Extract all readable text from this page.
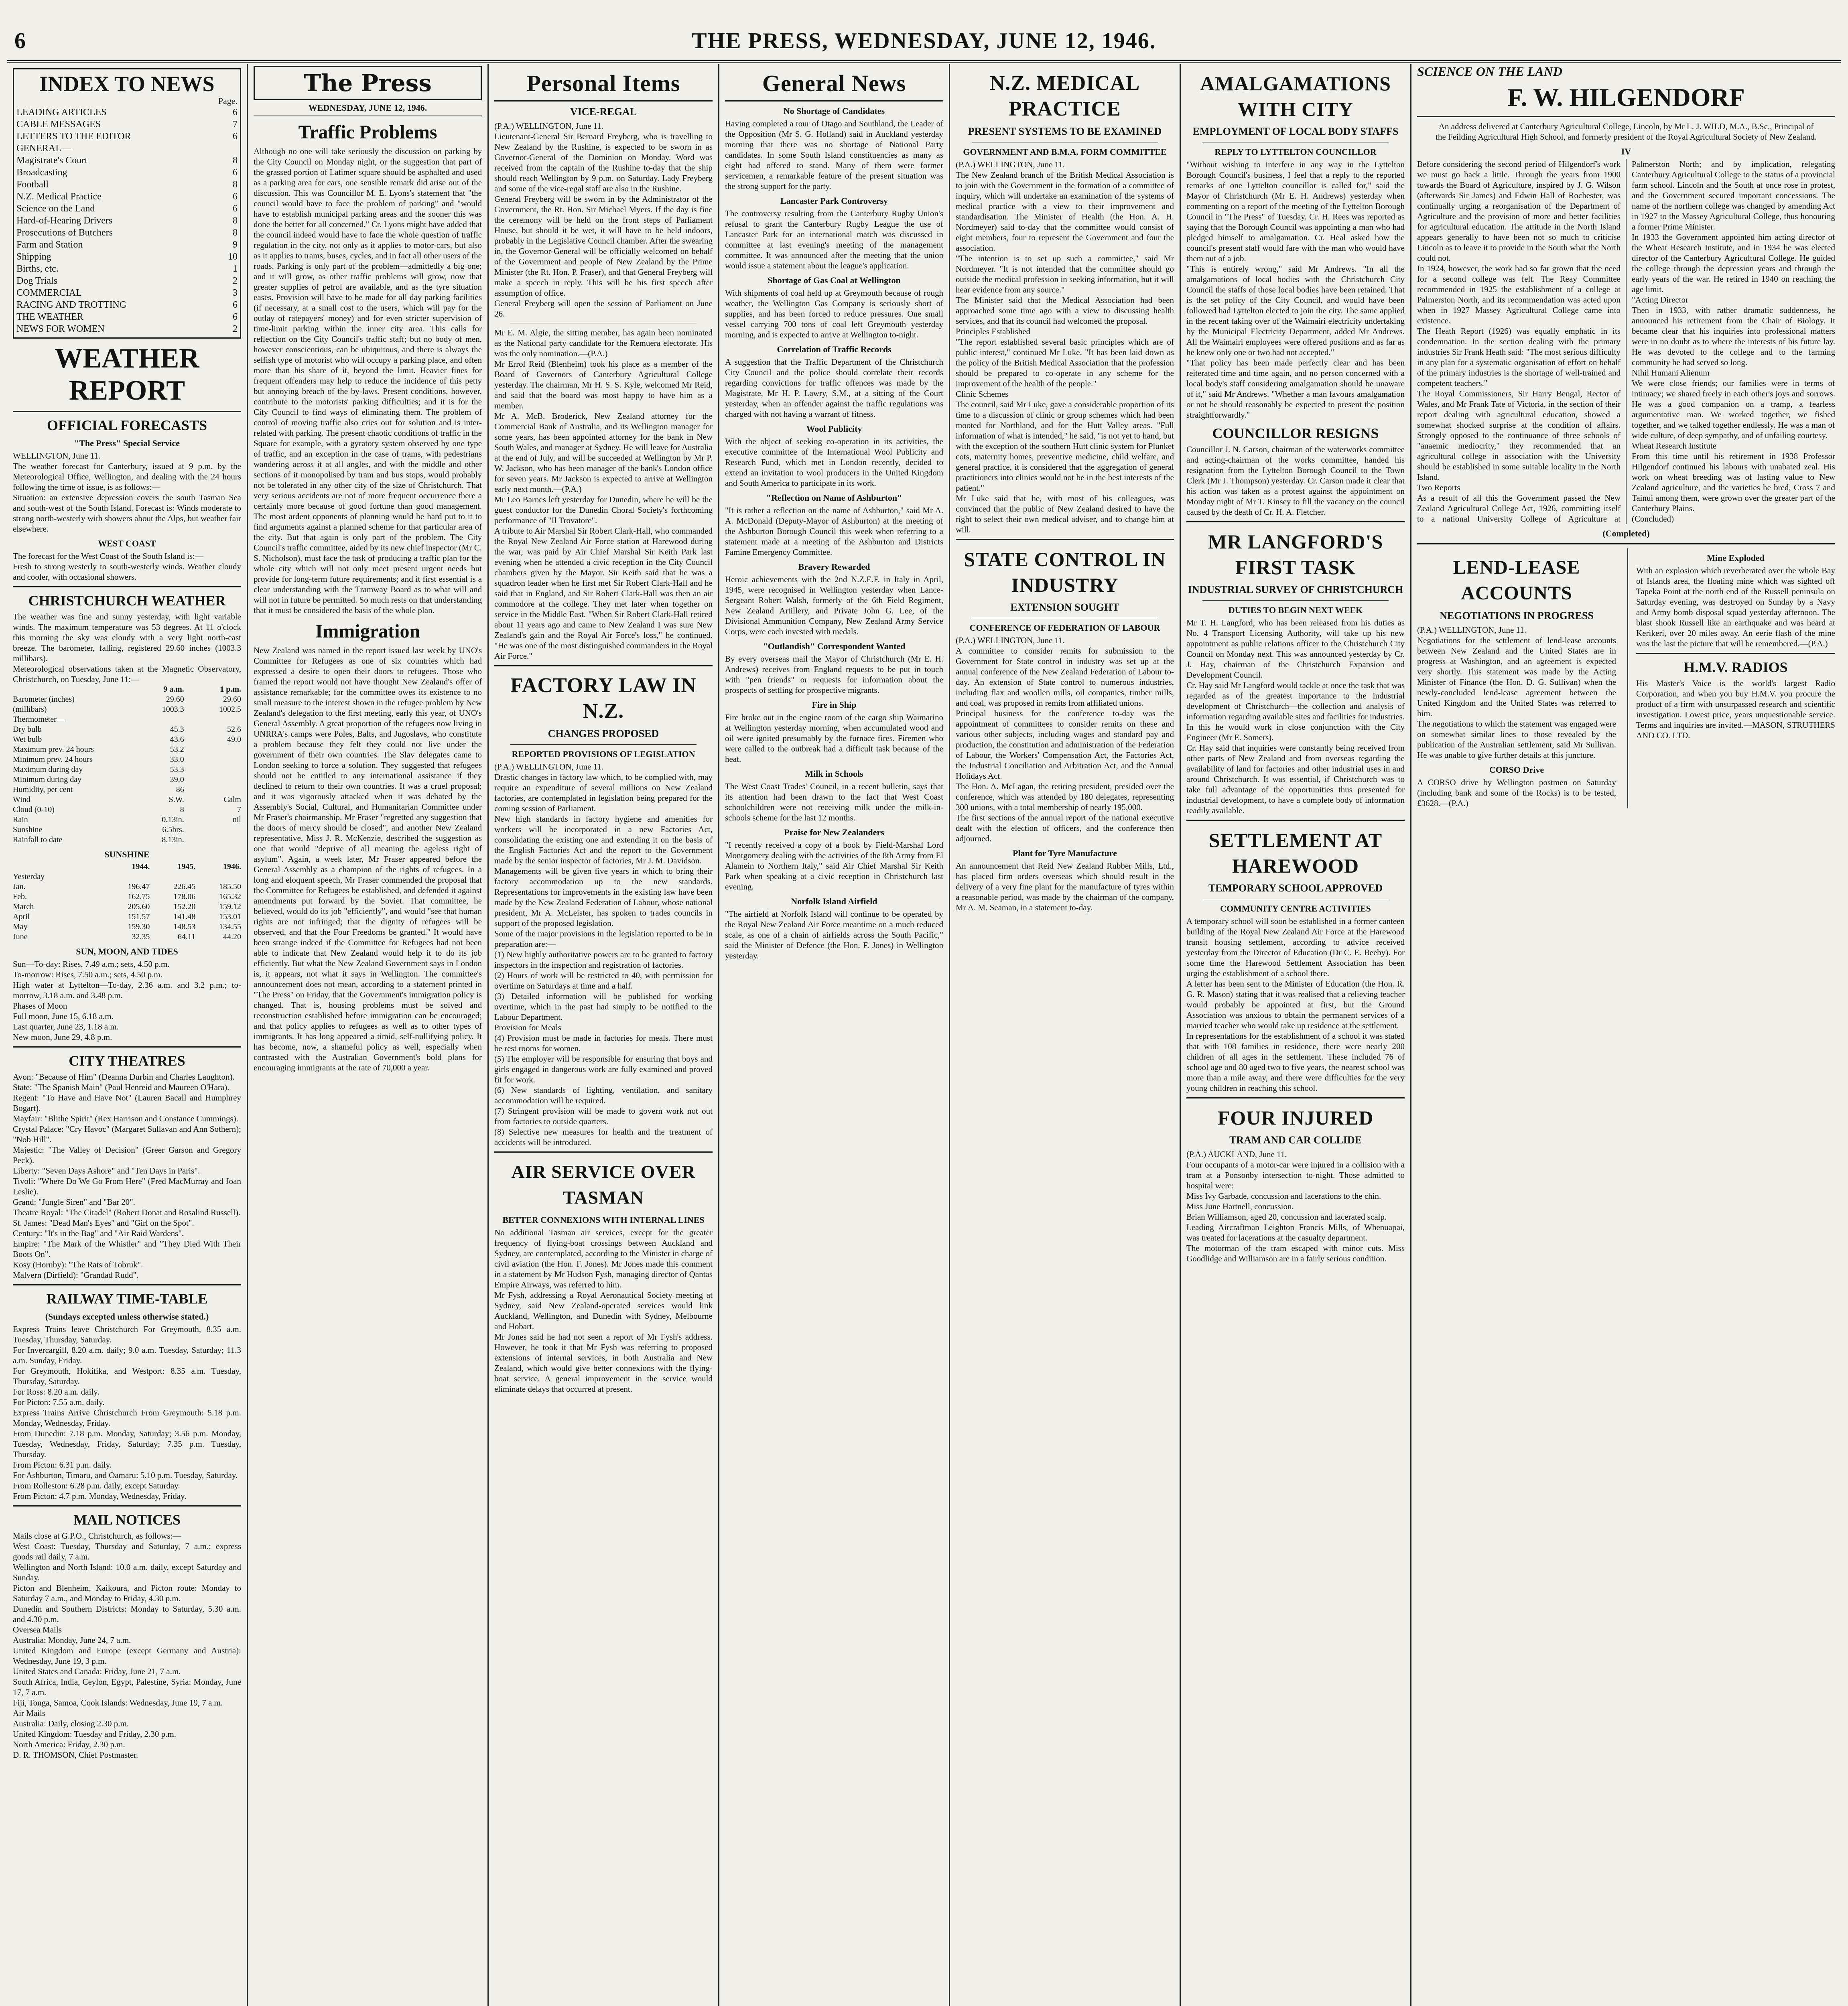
6	THE PRESS, WEDNESDAY, JUNE 12, 1946.
INDEX TO NEWS
Page.
LEADING ARTICLES	6
CABLE MESSAGES	7
LETTERS TO THE EDITOR	6
GENERAL—
Magistrate's Court	8
Broadcasting	6
Football	8
N.Z. Medical Practice	6
Science on the Land	6
Hard-of-Hearing Drivers	8
Prosecutions of Butchers	8
Farm and Station	9
Shipping	10
Births, etc.	1
Dog Trials	2
COMMERCIAL	3
RACING AND TROTTING	6
THE WEATHER	6
NEWS FOR WOMEN	2
WEATHER REPORT
OFFICIAL FORECASTS
"The Press" Special Service
WELLINGTON, June 11.
The weather forecast for Canterbury, issued at 9 p.m. by the Meteorological Office, Wellington, and dealing with the 24 hours following the time of issue, is as follows:—
Situation: an extensive depression covers the south Tasman Sea and south-west of the South Island. Forecast is: Winds moderate to strong north-westerly with showers about the Alps, but weather fair elsewhere.
WEST COAST
The forecast for the West Coast of the South Island is:—
Fresh to strong westerly to south-westerly winds. Weather cloudy and cooler, with occasional showers.
CHRISTCHURCH WEATHER
The weather was fine and sunny yesterday, with light variable winds. The maximum temperature was 53 degrees. At 11 o'clock this morning the sky was cloudy with a very light north-east breeze. The barometer, falling, registered 29.60 inches (1003.3 millibars).
Meteorological observations taken at the Magnetic Observatory, Christchurch, on Tuesday, June 11:—
9 a.m.	1 p.m.
Barometer (inches)	29.60	29.60
(millibars)	1003.3	1002.5
Thermometer—
Dry bulb	45.3	52.6
Wet bulb	43.6	49.0
Maximum prev. 24 hours	53.2
Minimum prev. 24 hours	33.0
Maximum during day	53.3
Minimum during day	39.0
Humidity, per cent	86
Wind	S.W.	Calm
Cloud (0-10)	8	7
Rain	0.13in.	nil
Sunshine	6.5hrs.
Rainfall to date	8.13in.
SUNSHINE
1944.	1945.	1946.
Yesterday
Jan.	196.47	226.45	185.50
Feb.	162.75	178.06	165.32
March	205.60	152.20	159.12
April	151.57	141.48	153.01
May	159.30	148.53	134.55
June	32.35	64.11	44.20
SUN, MOON, AND TIDES
Sun—To-day: Rises, 7.49 a.m.; sets, 4.50 p.m.
To-morrow: Rises, 7.50 a.m.; sets, 4.50 p.m.
High water at Lyttelton—To-day, 2.36 a.m. and 3.2 p.m.; to-morrow, 3.18 a.m. and 3.48 p.m.
Phases of Moon
Full moon, June 15, 6.18 a.m.
Last quarter, June 23, 1.18 a.m.
New moon, June 29, 4.8 p.m.
CITY THEATRES
Avon: "Because of Him" (Deanna Durbin and Charles Laughton).
State: "The Spanish Main" (Paul Henreid and Maureen O'Hara).
Regent: "To Have and Have Not" (Lauren Bacall and Humphrey Bogart).
Mayfair: "Blithe Spirit" (Rex Harrison and Constance Cummings).
Crystal Palace: "Cry Havoc" (Margaret Sullavan and Ann Sothern); "Nob Hill".
Majestic: "The Valley of Decision" (Greer Garson and Gregory Peck).
Liberty: "Seven Days Ashore" and "Ten Days in Paris".
Tivoli: "Where Do We Go From Here" (Fred MacMurray and Joan Leslie).
Grand: "Jungle Siren" and "Bar 20".
Theatre Royal: "The Citadel" (Robert Donat and Rosalind Russell).
St. James: "Dead Man's Eyes" and "Girl on the Spot".
Century: "It's in the Bag" and "Air Raid Wardens".
Empire: "The Mark of the Whistler" and "They Died With Their Boots On".
Kosy (Hornby): "The Rats of Tobruk".
Malvern (Dirfield): "Grandad Rudd".
RAILWAY TIME-TABLE
(Sundays excepted unless otherwise stated.)
Express Trains leave Christchurch For Greymouth, 8.35 a.m. Tuesday, Thursday, Saturday.
For Invercargill, 8.20 a.m. daily; 9.0 a.m. Tuesday, Saturday; 11.3 a.m. Sunday, Friday.
For Greymouth, Hokitika, and Westport: 8.35 a.m. Tuesday, Thursday, Saturday.
For Ross: 8.20 a.m. daily.
For Picton: 7.55 a.m. daily.
Express Trains Arrive Christchurch From Greymouth: 5.18 p.m. Monday, Wednesday, Friday.
From Dunedin: 7.18 p.m. Monday, Saturday; 3.56 p.m. Monday, Tuesday, Wednesday, Friday, Saturday; 7.35 p.m. Tuesday, Thursday.
From Picton: 6.31 p.m. daily.
For Ashburton, Timaru, and Oamaru: 5.10 p.m. Tuesday, Saturday.
From Rolleston: 6.28 p.m. daily, except Saturday.
From Picton: 4.7 p.m. Monday, Wednesday, Friday.
MAIL NOTICES
Mails close at G.P.O., Christchurch, as follows:—
West Coast: Tuesday, Thursday and Saturday, 7 a.m.; express goods rail daily, 7 a.m.
Wellington and North Island: 10.0 a.m. daily, except Saturday and Sunday.
Picton and Blenheim, Kaikoura, and Picton route: Monday to Saturday 7 a.m., and Monday to Friday, 4.30 p.m.
Dunedin and Southern Districts: Monday to Saturday, 5.30 a.m. and 4.30 p.m.
Oversea Mails
Australia: Monday, June 24, 7 a.m.
United Kingdom and Europe (except Germany and Austria): Wednesday, June 19, 3 p.m.
United States and Canada: Friday, June 21, 7 a.m.
South Africa, India, Ceylon, Egypt, Palestine, Syria: Monday, June 17, 7 a.m.
Fiji, Tonga, Samoa, Cook Islands: Wednesday, June 19, 7 a.m.
Air Mails
Australia: Daily, closing 2.30 p.m.
United Kingdom: Tuesday and Friday, 2.30 p.m.
North America: Friday, 2.30 p.m.
D. R. THOMSON, Chief Postmaster.
The Press
WEDNESDAY, JUNE 12, 1946.
Traffic Problems
Although no one will take seriously the discussion on parking by the City Council on Monday night, or the suggestion that part of the grassed portion of Latimer square should be asphalted and used as a parking area for cars, one sensible remark did arise out of the discussion. This was Councillor M. E. Lyons's statement that "the council would have to face the problem of parking" and "would have to establish municipal parking areas and the sooner this was done the better for all concerned." Cr. Lyons might have added that the council indeed would have to face the whole question of traffic regulation in the city, not only as it applies to motor-cars, but also as it applies to trams, buses, cycles, and in fact all other users of the roads. Parking is only part of the problem—admittedly a big one; and it will grow, as other traffic problems will grow, now that greater supplies of petrol are available, and as the tyre situation eases. Provision will have to be made for all day parking facilities (if necessary, at a small cost to the users, which will pay for the outlay of ratepayers' money) and for even stricter supervision of time-limit parking within the inner city area. This calls for reflection on the City Council's traffic staff; but no body of men, however conscientious, can be ubiquitous, and there is always the selfish type of motorist who will occupy a parking place, and often more than his share of it, beyond the limit. Heavier fines for frequent offenders may help to reduce the incidence of this petty but annoying breach of the by-laws. Present conditions, however, contribute to the motorists' parking difficulties; and it is for the City Council to find ways of eliminating them. The problem of control of moving traffic also cries out for solution and is inter-related with parking. The present chaotic conditions of traffic in the Square for example, with a gyratory system observed by one type of traffic, and an exception in the case of trams, with pedestrians wandering across it at all angles, and with the middle and other sections of it monopolised by tram and bus stops, would probably not be tolerated in any other city of the size of Christchurch. That very serious accidents are not of more frequent occurrence there a certainly more because of good fortune than good management. The most ardent opponents of planning would be hard put to it to find arguments against a planned scheme for that particular area of the city. But that again is only part of the problem. The City Council's traffic committee, aided by its new chief inspector (Mr C. S. Nicholson), must face the task of producing a traffic plan for the whole city which will not only meet present urgent needs but provide for long-term future requirements; and it first essential is a clear understanding with the Tramway Board as to what will and will not in future be permitted. So much rests on that understanding that it must be considered the basis of the whole plan.
Immigration
New Zealand was named in the report issued last week by UNO's Committee for Refugees as one of six countries which had expressed a desire to open their doors to refugees. Those who framed the report would not have thought New Zealand's offer of assistance remarkable; for the committee owes its existence to no small measure to the interest shown in the refugee problem by New Zealand's delegation to the first meeting, early this year, of UNO's General Assembly. A great proportion of the refugees now living in UNRRA's camps were Poles, Balts, and Jugoslavs, who constitute a problem because they felt they could not live under the government of their own countries. The Slav delegates came to London seeking to force a solution. They suggested that refugees should not be entitled to any international assistance if they declined to return to their own countries. It was a cruel proposal; and it was vigorously attacked when it was debated by the Assembly's Social, Cultural, and Humanitarian Committee under Mr Fraser's chairmanship. Mr Fraser "regretted any suggestion that the doors of mercy should be closed", and another New Zealand representative, Miss J. R. McKenzie, described the suggestion as one that would "deprive of all meaning the ageless right of asylum". Again, a week later, Mr Fraser appeared before the General Assembly as a champion of the rights of refugees. In a long and eloquent speech, Mr Fraser commended the proposal that the Committee for Refugees be established, and defended it against amendments put forward by the Soviet. That committee, he believed, would do its job "efficiently", and would "see that human rights are not infringed; that the dignity of refugees will be observed, and that the Four Freedoms be granted." It would have been strange indeed if the Committee for Refugees had not been able to indicate that New Zealand would help it to do its job efficiently. But what the New Zealand Government says in London is, it appears, not what it says in Wellington. The committee's announcement does not mean, according to a statement printed in "The Press" on Friday, that the Government's immigration policy is changed. That is, housing problems must be solved and reconstruction established before immigration can be encouraged; and that policy applies to refugees as well as to other types of immigrants. It has long appeared a timid, self-nullifying policy. It has become, now, a shameful policy as well, especially when contrasted with the Australian Government's bold plans for encouraging immigrants at the rate of 70,000 a year.
Personal Items
VICE-REGAL
(P.A.) WELLINGTON, June 11.
Lieutenant-General Sir Bernard Freyberg, who is travelling to New Zealand by the Rushine, is expected to be sworn in as Governor-General of the Dominion on Monday. Word was received from the captain of the Rushine to-day that the ship should reach Wellington by 9 p.m. on Saturday. Lady Freyberg and some of the vice-regal staff are also in the Rushine.
General Freyberg will be sworn in by the Administrator of the Government, the Rt. Hon. Sir Michael Myers. If the day is fine the ceremony will be held on the front steps of Parliament House, but should it be wet, it will have to be held indoors, probably in the Legislative Council chamber. After the swearing in, the Governor-General will be officially welcomed on behalf of the Government and people of New Zealand by the Prime Minister (the Rt. Hon. P. Fraser), and that General Freyberg will make a speech in reply. This will be his first speech after assumption of office.
General Freyberg will open the session of Parliament on June 26.
Mr E. M. Algie, the sitting member, has again been nominated as the National party candidate for the Remuera electorate. His was the only nomination.—(P.A.)
Mr Errol Reid (Blenheim) took his place as a member of the Board of Governors of Canterbury Agricultural College yesterday. The chairman, Mr H. S. S. Kyle, welcomed Mr Reid, and said that the board was most happy to have him as a member.
Mr A. McB. Broderick, New Zealand attorney for the Commercial Bank of Australia, and its Wellington manager for some years, has been appointed attorney for the bank in New South Wales, and manager at Sydney. He will leave for Australia at the end of July, and will be succeeded at Wellington by Mr P. W. Jackson, who has been manager of the bank's London office for seven years. Mr Jackson is expected to arrive at Wellington early next month.—(P.A.)
Mr Leo Barnes left yesterday for Dunedin, where he will be the guest conductor for the Dunedin Choral Society's forthcoming performance of "Il Trovatore".
A tribute to Air Marshal Sir Robert Clark-Hall, who commanded the Royal New Zealand Air Force station at Harewood during the war, was paid by Air Chief Marshal Sir Keith Park last evening when he attended a civic reception in the City Council chambers given by the Mayor. Sir Keith said that he was a squadron leader when he first met Sir Robert Clark-Hall and he said that in England, and Sir Robert Clark-Hall was then an air commodore at the college. They met later when together on service in the Middle East. "When Sir Robert Clark-Hall retired about 11 years ago and came to New Zealand I was sure New Zealand's gain and the Royal Air Force's loss," he continued. "He was one of the most distinguished commanders in the Royal Air Force."
FACTORY LAW IN N.Z.
CHANGES PROPOSED
REPORTED PROVISIONS OF LEGISLATION
(P.A.) WELLINGTON, June 11.
Drastic changes in factory law which, to be complied with, may require an expenditure of several millions on New Zealand factories, are contemplated in legislation being prepared for the coming session of Parliament.
New high standards in factory hygiene and amenities for workers will be incorporated in a new Factories Act, consolidating the existing one and extending it on the basis of the English Factories Act and the report to the Government made by the senior inspector of factories, Mr J. M. Davidson.
Managements will be given five years in which to bring their factory accommodation up to the new standards. Representations for improvements in the existing law have been made by the New Zealand Federation of Labour, whose national president, Mr A. McLeister, has spoken to trades councils in support of the proposed legislation.
Some of the major provisions in the legislation reported to be in preparation are:—
(1) New highly authoritative powers are to be granted to factory inspectors in the inspection and registration of factories.
(2) Hours of work will be restricted to 40, with permission for overtime on Saturdays at time and a half.
(3) Detailed information will be published for working overtime, which in the past had simply to be notified to the Labour Department.
Provision for Meals
(4) Provision must be made in factories for meals. There must be rest rooms for women.
(5) The employer will be responsible for ensuring that boys and girls engaged in dangerous work are fully examined and proved fit for work.
(6) New standards of lighting, ventilation, and sanitary accommodation will be required.
(7) Stringent provision will be made to govern work not out from factories to outside quarters.
(8) Selective new measures for health and the treatment of accidents will be introduced.
AIR SERVICE OVER TASMAN
BETTER CONNEXIONS WITH INTERNAL LINES
No additional Tasman air services, except for the greater frequency of flying-boat crossings between Auckland and Sydney, are contemplated, according to the Minister in charge of civil aviation (the Hon. F. Jones). Mr Jones made this comment in a statement by Mr Hudson Fysh, managing director of Qantas Empire Airways, was referred to him.
Mr Fysh, addressing a Royal Aeronautical Society meeting at Sydney, said New Zealand-operated services would link Auckland, Wellington, and Dunedin with Sydney, Melbourne and Hobart.
Mr Jones said he had not seen a report of Mr Fysh's address. However, he took it that Mr Fysh was referring to proposed extensions of internal services, in both Australia and New Zealand, which would give better connexions with the flying-boat service. A general improvement in the service would eliminate delays that occurred at present.
General News
No Shortage of Candidates
Having completed a tour of Otago and Southland, the Leader of the Opposition (Mr S. G. Holland) said in Auckland yesterday morning that there was no shortage of National Party candidates. In some South Island constituencies as many as eight had offered to stand. Many of them were former servicemen, a remarkable feature of the present situation was the strong support for the party.
Lancaster Park Controversy
The controversy resulting from the Canterbury Rugby Union's refusal to grant the Canterbury Rugby League the use of Lancaster Park for an international match was discussed in committee at last evening's meeting of the management committee. It was announced after the meeting that the union would issue a statement about the league's application.
Shortage of Gas Coal at Wellington
With shipments of coal held up at Greymouth because of rough weather, the Wellington Gas Company is seriously short of supplies, and has been forced to reduce pressures. One small vessel carrying 700 tons of coal left Greymouth yesterday morning, and is expected to arrive at Wellington to-night.
Correlation of Traffic Records
A suggestion that the Traffic Department of the Christchurch City Council and the police should correlate their records regarding convictions for traffic offences was made by the Magistrate, Mr H. P. Lawry, S.M., at a sitting of the Court yesterday, when an offender against the traffic regulations was charged with not having a warrant of fitness.
Wool Publicity
With the object of seeking co-operation in its activities, the executive committee of the International Wool Publicity and Research Fund, which met in London recently, decided to extend an invitation to wool producers in the United Kingdom and South America to participate in its work.
"Reflection on Name of Ashburton"
"It is rather a reflection on the name of Ashburton," said Mr A. A. McDonald (Deputy-Mayor of Ashburton) at the meeting of the Ashburton Borough Council this week when referring to a statement made at a meeting of the Ashburton and Districts Famine Emergency Committee.
Bravery Rewarded
Heroic achievements with the 2nd N.Z.E.F. in Italy in April, 1945, were recognised in Wellington yesterday when Lance-Sergeant Robert Walsh, formerly of the 6th Field Regiment, New Zealand Artillery, and Private John G. Lee, of the Divisional Ammunition Company, New Zealand Army Service Corps, were each invested with medals.
"Outlandish" Correspondent Wanted
By every overseas mail the Mayor of Christchurch (Mr E. H. Andrews) receives from England requests to be put in touch with "pen friends" or requests for information about the prospects of settling for prospective migrants.
Fire in Ship
Fire broke out in the engine room of the cargo ship Waimarino at Wellington yesterday morning, when accumulated wood and oil were ignited presumably by the furnace fires. Firemen who were called to the outbreak had a difficult task because of the heat.
Milk in Schools
The West Coast Trades' Council, in a recent bulletin, says that its attention had been drawn to the fact that West Coast schoolchildren were not receiving milk under the milk-in-schools scheme for the last 12 months.
Praise for New Zealanders
"I recently received a copy of a book by Field-Marshal Lord Montgomery dealing with the activities of the 8th Army from El Alamein to Northern Italy," said Air Chief Marshal Sir Keith Park when speaking at a civic reception in Christchurch last evening.
Norfolk Island Airfield
"The airfield at Norfolk Island will continue to be operated by the Royal New Zealand Air Force meantime on a much reduced scale, as one of a chain of airfields across the South Pacific," said the Minister of Defence (the Hon. F. Jones) in Wellington yesterday.
N.Z. MEDICAL PRACTICE
PRESENT SYSTEMS TO BE EXAMINED
GOVERNMENT AND B.M.A. FORM COMMITTEE
(P.A.) WELLINGTON, June 11.
The New Zealand branch of the British Medical Association is to join with the Government in the formation of a committee of inquiry, which will undertake an examination of the systems of medical practice with a view to their improvement and standardisation. The Minister of Health (the Hon. A. H. Nordmeyer) said to-day that the committee would consist of eight members, four to represent the Government and four the association.
"The intention is to set up such a committee," said Mr Nordmeyer. "It is not intended that the committee should go outside the medical profession in seeking information, but it will hear evidence from any source."
The Minister said that the Medical Association had been approached some time ago with a view to discussing health services, and that its council had welcomed the proposal.
Principles Established
"The report established several basic principles which are of public interest," continued Mr Luke. "It has been laid down as the policy of the British Medical Association that the profession should be prepared to co-operate in any scheme for the improvement of the health of the people."
Clinic Schemes
The council, said Mr Luke, gave a considerable proportion of its time to a discussion of clinic or group schemes which had been mooted for Northland, and for the Hutt Valley areas. "Full information of what is intended," he said, "is not yet to hand, but with the exception of the southern Hutt clinic system for Plunket cots, maternity homes, preventive medicine, child welfare, and general practice, it is considered that the aggregation of general practitioners into clinics would not be in the best interests of the patient."
Mr Luke said that he, with most of his colleagues, was convinced that the public of New Zealand desired to have the right to select their own medical adviser, and to change him at will.
STATE CONTROL IN INDUSTRY
EXTENSION SOUGHT
CONFERENCE OF FEDERATION OF LABOUR
(P.A.) WELLINGTON, June 11.
A committee to consider remits for submission to the Government for State control in industry was set up at the annual conference of the New Zealand Federation of Labour to-day. An extension of State control to numerous industries, including flax and woollen mills, oil companies, timber mills, and coal, was proposed in remits from affiliated unions.
Principal business for the conference to-day was the appointment of committees to consider remits on these and various other subjects, including wages and standard pay and production, the constitution and administration of the Federation of Labour, the Workers' Compensation Act, the Factories Act, the Industrial Conciliation and Arbitration Act, and the Annual Holidays Act.
The Hon. A. McLagan, the retiring president, presided over the conference, which was attended by 180 delegates, representing 300 unions, with a total membership of nearly 195,000.
The first sections of the annual report of the national executive dealt with the election of officers, and the conference then adjourned.
Plant for Tyre Manufacture
An announcement that Reid New Zealand Rubber Mills, Ltd., has placed firm orders overseas which should result in the delivery of a very fine plant for the manufacture of tyres within a reasonable period, was made by the chairman of the company, Mr A. M. Seaman, in a statement to-day.
AMALGAMATIONS WITH CITY
EMPLOYMENT OF LOCAL BODY STAFFS
REPLY TO LYTTELTON COUNCILLOR
"Without wishing to interfere in any way in the Lyttelton Borough Council's business, I feel that a reply to the reported remarks of one Lyttelton councillor is called for," said the Mayor of Christchurch (Mr E. H. Andrews) yesterday when commenting on a report of the meeting of the Lyttelton Borough Council in "The Press" of Tuesday. Cr. H. Rees was reported as saying that the Borough Council was appointing a man who had pledged himself to amalgamation. Cr. Heal asked how the council's present staff would fare with the man who would have them out of a job.
"This is entirely wrong," said Mr Andrews. "In all the amalgamations of local bodies with the Christchurch City Council the staffs of those local bodies have been retained. That is the set policy of the City Council, and would have been followed had Lyttelton elected to join the city. The same applied in the recent taking over of the Waimairi electricity undertaking by the Municipal Electricity Department, added Mr Andrews. All the Waimairi employees were offered positions and as far as he knew only one or two had not accepted."
"That policy has been made perfectly clear and has been reiterated time and time again, and no person concerned with a local body's staff considering amalgamation should be unaware of it," said Mr Andrews. "Whether a man favours amalgamation or not he should reasonably be expected to present the position straightforwardly."
COUNCILLOR RESIGNS
Councillor J. N. Carson, chairman of the waterworks committee and acting-chairman of the works committee, handed his resignation from the Lyttelton Borough Council to the Town Clerk (Mr J. Thompson) yesterday. Cr. Carson made it clear that his action was taken as a protest against the appointment on Monday night of Mr T. Kinsey to fill the vacancy on the council caused by the death of Cr. H. A. Fletcher.
MR LANGFORD'S FIRST TASK
INDUSTRIAL SURVEY OF CHRISTCHURCH
DUTIES TO BEGIN NEXT WEEK
Mr T. H. Langford, who has been released from his duties as No. 4 Transport Licensing Authority, will take up his new appointment as public relations officer to the Christchurch City Council on Monday next. This was announced yesterday by Cr. J. Hay, chairman of the Christchurch Expansion and Development Council.
Cr. Hay said Mr Langford would tackle at once the task that was regarded as of the greatest importance to the industrial development of Christchurch—the collection and analysis of information regarding available sites and facilities for industries. In this he would work in close conjunction with the City Engineer (Mr E. Somers).
Cr. Hay said that inquiries were constantly being received from other parts of New Zealand and from overseas regarding the availability of land for factories and other industrial uses in and around Christchurch. It was essential, if Christchurch was to take full advantage of the opportunities thus presented for industrial development, to have a complete body of information readily available.
SETTLEMENT AT HAREWOOD
TEMPORARY SCHOOL APPROVED
COMMUNITY CENTRE ACTIVITIES
A temporary school will soon be established in a former canteen building of the Royal New Zealand Air Force at the Harewood transit housing settlement, according to advice received yesterday from the Director of Education (Dr C. E. Beeby). For some time the Harewood Settlement Association has been urging the establishment of a school there.
A letter has been sent to the Minister of Education (the Hon. R. G. R. Mason) stating that it was realised that a relieving teacher would probably be appointed at first, but the Ground Association was anxious to obtain the permanent services of a married teacher who would take up residence at the settlement.
In representations for the establishment of a school it was stated that with 108 families in residence, there were nearly 200 children of all ages in the settlement. These included 76 of school age and 80 aged two to five years, the nearest school was more than a mile away, and there were difficulties for the very young children in reaching this school.
FOUR INJURED
TRAM AND CAR COLLIDE
(P.A.) AUCKLAND, June 11.
Four occupants of a motor-car were injured in a collision with a tram at a Ponsonby intersection to-night. Those admitted to hospital were:
Miss Ivy Garbade, concussion and lacerations to the chin.
Miss June Hartnell, concussion.
Brian Williamson, aged 20, concussion and lacerated scalp.
Leading Aircraftman Leighton Francis Mills, of Whenuapai, was treated for lacerations at the casualty department.
The motorman of the tram escaped with minor cuts. Miss Goodlidge and Williamson are in a fairly serious condition.
SCIENCE ON THE LAND
F. W. HILGENDORF
An address delivered at Canterbury Agricultural College, Lincoln, by Mr L. J. WILD, M.A., B.Sc., Principal of the Feilding Agricultural High School, and formerly president of the Royal Agricultural Society of New Zealand.
IV
Before considering the second period of Hilgendorf's work we must go back a little. Through the years from 1900 towards the Board of Agriculture, inspired by J. G. Wilson (afterwards Sir James) and Edwin Hall of Rochester, was continually urging a reorganisation of the Department of Agriculture and the provision of more and better facilities for agricultural education. The attitude in the North Island appears generally to have been not so much to criticise Lincoln as to leave it to provide in the South what the North could not.
In 1924, however, the work had so far grown that the need for a second college was felt. The Reay Committee recommended in 1925 the establishment of a college at Palmerston North, and its recommendation was acted upon when in 1927 Massey Agricultural College came into existence.
The Heath Report (1926) was equally emphatic in its condemnation. In the section dealing with the primary industries Sir Frank Heath said: "The most serious difficulty in any plan for a systematic organisation of effort on behalf of the primary industries is the shortage of well-trained and competent teachers."
The Royal Commissioners, Sir Harry Bengal, Rector of Wales, and Mr Frank Tate of Victoria, in the section of their report dealing with agricultural education, showed a somewhat shocked surprise at the condition of affairs. Strongly opposed to the continuance of three schools of "anaemic mediocrity," they recommended that an agricultural college in association with the University should be established in some suitable locality in the North Island.
Two Reports
As a result of all this the Government passed the New Zealand Agricultural College Act, 1926, committing itself to a national University College of Agriculture at Palmerston North; and by implication, relegating Canterbury Agricultural College to the status of a provincial farm school. Lincoln and the South at once rose in protest, and the Government secured important concessions. The name of the northern college was changed by amending Act in 1927 to the Massey Agricultural College, thus honouring a former Prime Minister.
In 1933 the Government appointed him acting director of the Wheat Research Institute, and in 1934 he was elected director of the Canterbury Agricultural College. He guided the college through the depression years and through the early years of the war. He retired in 1940 on reaching the age limit.
"Acting Director
Then in 1933, with rather dramatic suddenness, he announced his retirement from the Chair of Biology. It became clear that his inquiries into professional matters were in no doubt as to where the interests of his future lay. He was devoted to the college and to the farming community he had served so long.
Nihil Humani Alienum
We were close friends; our families were in terms of intimacy; we shared freely in each other's joys and sorrows. He was a good companion on a tramp, a fearless argumentative man. We worked together, we fished together, and we talked together endlessly. He was a man of wide culture, of deep sympathy, and of unfailing courtesy.
Wheat Research Institute
From this time until his retirement in 1938 Professor Hilgendorf continued his labours with unabated zeal. His work on wheat breeding was of lasting value to New Zealand agriculture, and the varieties he bred, Cross 7 and Tainui among them, were grown over the greater part of the Canterbury Plains.
(Concluded)
(Completed)
LEND-LEASE ACCOUNTS
NEGOTIATIONS IN PROGRESS
(P.A.) WELLINGTON, June 11.
Negotiations for the settlement of lend-lease accounts between New Zealand and the United States are in progress at Washington, and an agreement is expected very shortly. This statement was made by the Acting Minister of Finance (the Hon. D. G. Sullivan) when the newly-concluded lend-lease agreement between the United Kingdom and the United States was referred to him.
The negotiations to which the statement was engaged were on somewhat similar lines to those revealed by the publication of the Australian settlement, said Mr Sullivan. He was unable to give further details at this juncture.
CORSO Drive
A CORSO drive by Wellington postmen on Saturday (including bank and some of the Rocks) is to be tested, £3628.—(P.A.)
Mine Exploded
With an explosion which reverberated over the whole Bay of Islands area, the floating mine which was sighted off Tapeka Point at the north end of the Russell peninsula on Saturday evening, was destroyed on Sunday by a Navy and Army bomb disposal squad yesterday afternoon. The blast shook Russell like an earthquake and was heard at Kerikeri, over 20 miles away. An eerie flash of the mine was the last the picture that will be remembered.—(P.A.)
H.M.V. RADIOS
His Master's Voice is the world's largest Radio Corporation, and when you buy H.M.V. you procure the product of a firm with unsurpassed research and scientific investigation. Lowest price, years unquestionable service. Terms and inquiries are invited.—MASON, STRUTHERS AND CO. LTD.
